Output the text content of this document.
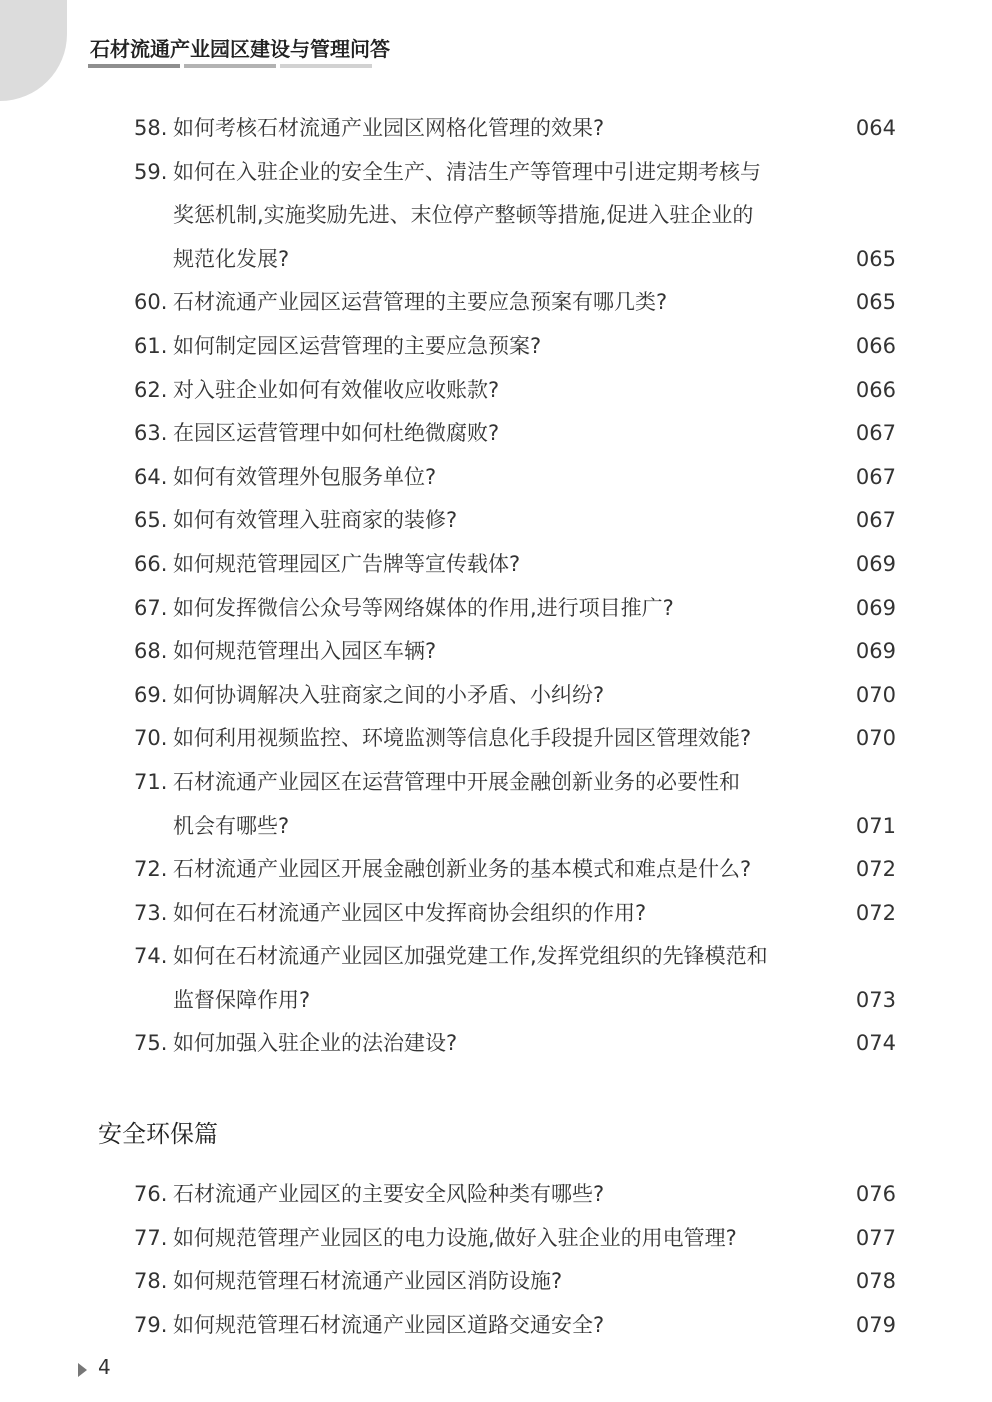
石材流通产业园区建设与管理问答
58. 如何考核石材流通产业园区网格化管理的效果?	064
59. 如何在入驻企业的安全生产、清洁生产等管理中引进定期考核与
奖惩机制,实施奖励先进、末位停产整顿等措施,促进入驻企业的
规范化发展?	065
60. 石材流通产业园区运营管理的主要应急预案有哪几类?	065
61. 如何制定园区运营管理的主要应急预案?	066
62. 对入驻企业如何有效催收应收账款?	066
63. 在园区运营管理中如何杜绝微腐败?	067
64. 如何有效管理外包服务单位?	067
65. 如何有效管理入驻商家的装修?	067
66. 如何规范管理园区广告牌等宣传载体?	069
67. 如何发挥微信公众号等网络媒体的作用,进行项目推广?	069
68. 如何规范管理出入园区车辆?	069
69. 如何协调解决入驻商家之间的小矛盾、小纠纷?	070
70. 如何利用视频监控、环境监测等信息化手段提升园区管理效能?	070
71. 石材流通产业园区在运营管理中开展金融创新业务的必要性和
机会有哪些?	071
72. 石材流通产业园区开展金融创新业务的基本模式和难点是什么?	072
73. 如何在石材流通产业园区中发挥商协会组织的作用?	072
74. 如何在石材流通产业园区加强党建工作,发挥党组织的先锋模范和
监督保障作用?	073
75. 如何加强入驻企业的法治建设?	074
安全环保篇
76. 石材流通产业园区的主要安全风险种类有哪些?	076
77. 如何规范管理产业园区的电力设施,做好入驻企业的用电管理?	077
78. 如何规范管理石材流通产业园区消防设施?	078
79. 如何规范管理石材流通产业园区道路交通安全?	079
4
